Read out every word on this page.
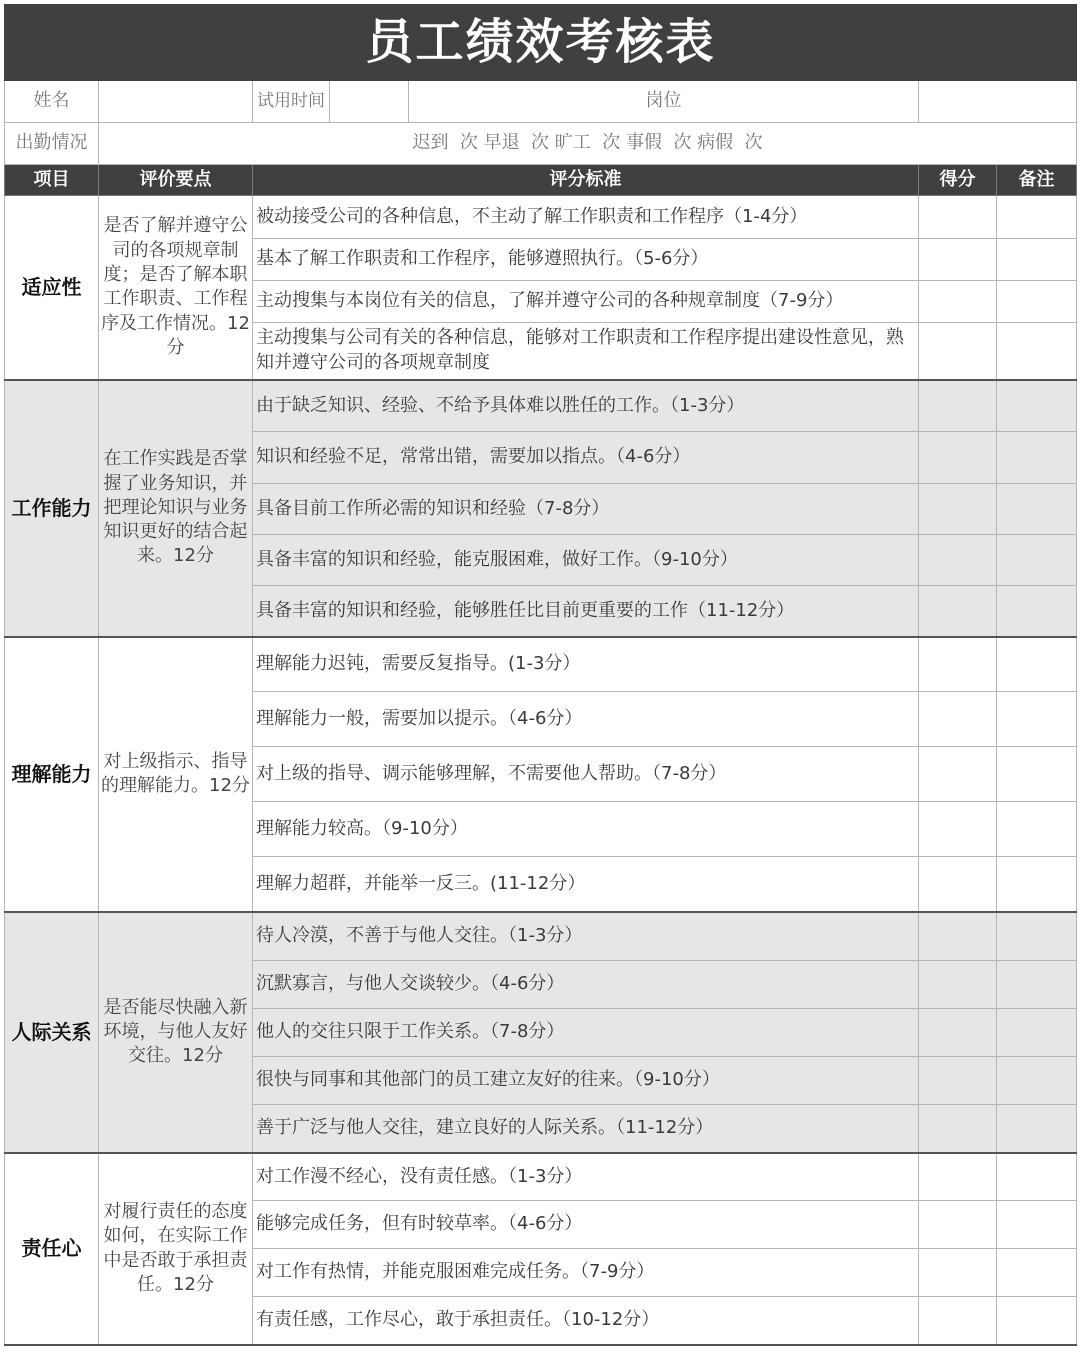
员工绩效考核表						
姓名		试用时间		岗位		
出勤情况	迟到  次 早退  次 旷工  次 事假  次 病假  次					
项目	评价要点	评分标准			得分	备注
适应性	是否了解并遵守公司的各项规章制度；是否了解本职工作职责、工作程序及工作情况。12分	被动接受公司的各种信息，不主动了解工作职责和工作程序（1-4分）				
		基本了解工作职责和工作程序，能够遵照执行。（5-6分）				
		主动搜集与本岗位有关的信息，了解并遵守公司的各种规章制度（7-9分）				
		主动搜集与公司有关的各种信息，能够对工作职责和工作程序提出建设性意见，熟知并遵守公司的各项规章制度				
工作能力	在工作实践是否掌握了业务知识，并把理论知识与业务知识更好的结合起来。12分	由于缺乏知识、经验、不给予具体难以胜任的工作。（1-3分）				
		知识和经验不足，常常出错，需要加以指点。（4-6分）				
		具备目前工作所必需的知识和经验（7-8分）				
		具备丰富的知识和经验，能克服困难，做好工作。（9-10分）				
		具备丰富的知识和经验，能够胜任比目前更重要的工作（11-12分）				
理解能力	对上级指示、指导的理解能力。12分	理解能力迟钝，需要反复指导。(1-3分）				
		理解能力一般，需要加以提示。（4-6分）				
		对上级的指导、调示能够理解，不需要他人帮助。（7-8分）				
		理解能力较高。（9-10分）				
		理解力超群，并能举一反三。(11-12分）				
人际关系	是否能尽快融入新环境，与他人友好交往。12分	待人冷漠，不善于与他人交往。（1-3分）				
		沉默寡言，与他人交谈较少。（4-6分）				
		他人的交往只限于工作关系。（7-8分）				
		很快与同事和其他部门的员工建立友好的往来。（9-10分）				
		善于广泛与他人交往，建立良好的人际关系。（11-12分）				
责任心	对履行责任的态度如何，在实际工作中是否敢于承担责任。12分	对工作漫不经心，没有责任感。（1-3分）				
		能够完成任务，但有时较草率。（4-6分）				
		对工作有热情，并能克服困难完成任务。（7-9分）				
		有责任感，工作尽心，敢于承担责任。（10-12分）				
